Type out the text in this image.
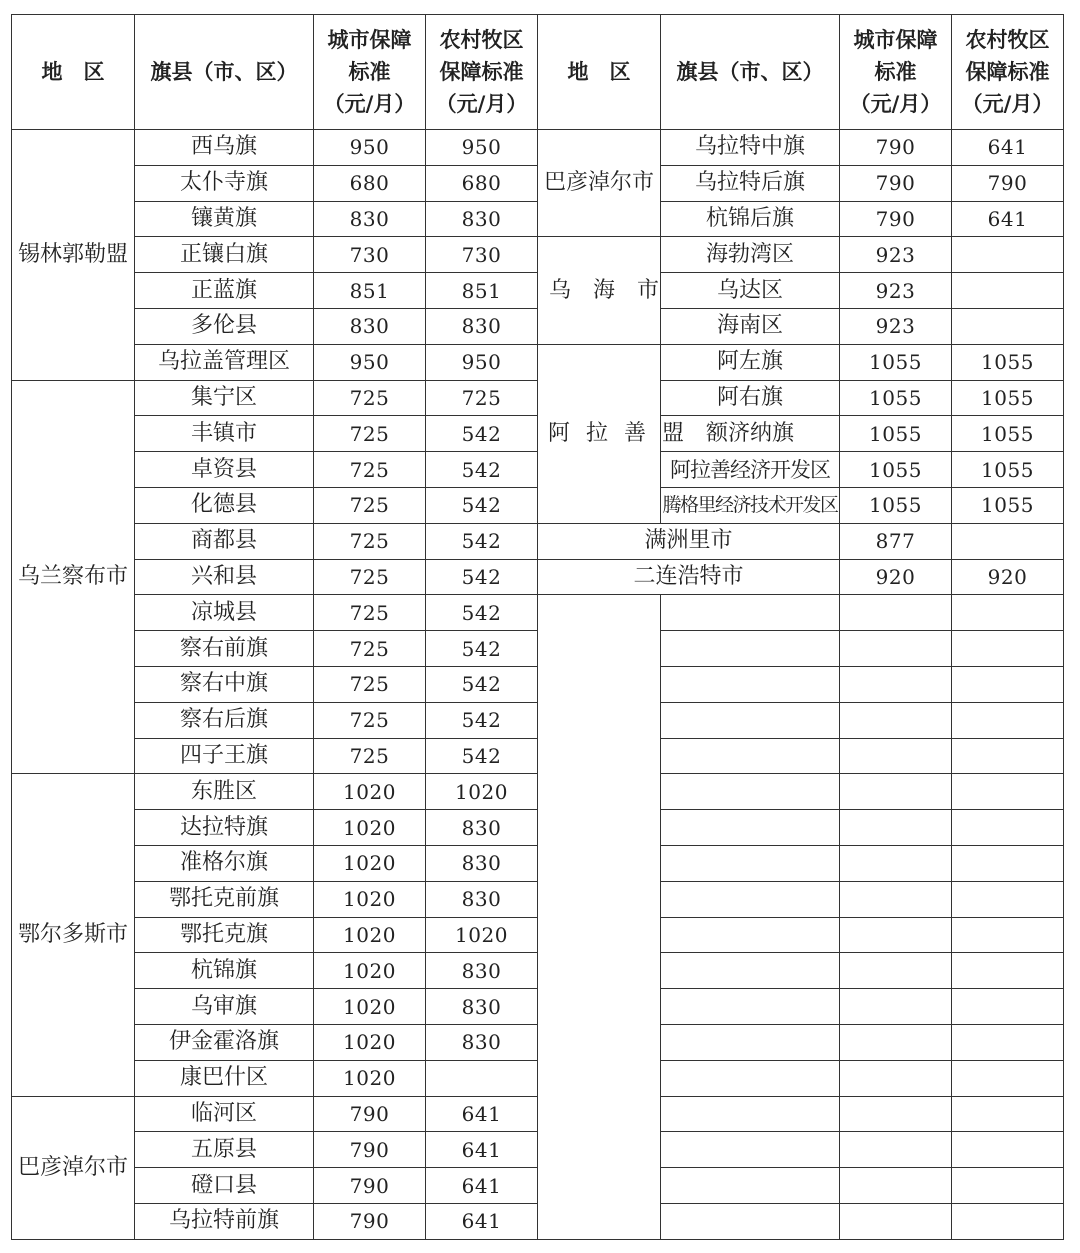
地　区	旗县（市、区）	城市保障
标准
（元/月）	农村牧区
保障标准
（元/月）	地　区	旗县（市、区）	城市保障
标准
（元/月）	农村牧区
保障标准
（元/月）

锡林郭勒盟	西乌旗	950	950	巴彦淖尔市	乌拉特中旗	790	641
	太仆寺旗	680	680		乌拉特后旗	790	790
	镶黄旗	830	830		杭锦后旗	790	641
	正镶白旗	730	730	乌　海　市	海勃湾区	923	
	正蓝旗	851	851		乌达区	923	
	多伦县	830	830		海南区	923	
	乌拉盖管理区	950	950	阿拉善盟	阿左旗	1055	1055
乌兰察布市	集宁区	725	725		阿右旗	1055	1055
	丰镇市	725	542		额济纳旗	1055	1055
	卓资县	725	542		阿拉善经济开发区	1055	1055
	化德县	725	542		腾格里经济技术开发区	1055	1055
	商都县	725	542	满洲里市		877	
	兴和县	725	542	二连浩特市		920	920
	凉城县	725	542				
	察右前旗	725	542				
	察右中旗	725	542				
	察右后旗	725	542				
	四子王旗	725	542				
鄂尔多斯市	东胜区	1020	1020				
	达拉特旗	1020	830				
	准格尔旗	1020	830				
	鄂托克前旗	1020	830				
	鄂托克旗	1020	1020				
	杭锦旗	1020	830				
	乌审旗	1020	830				
	伊金霍洛旗	1020	830				
	康巴什区	1020					
巴彦淖尔市	临河区	790	641				
	五原县	790	641				
	磴口县	790	641				
	乌拉特前旗	790	641				
